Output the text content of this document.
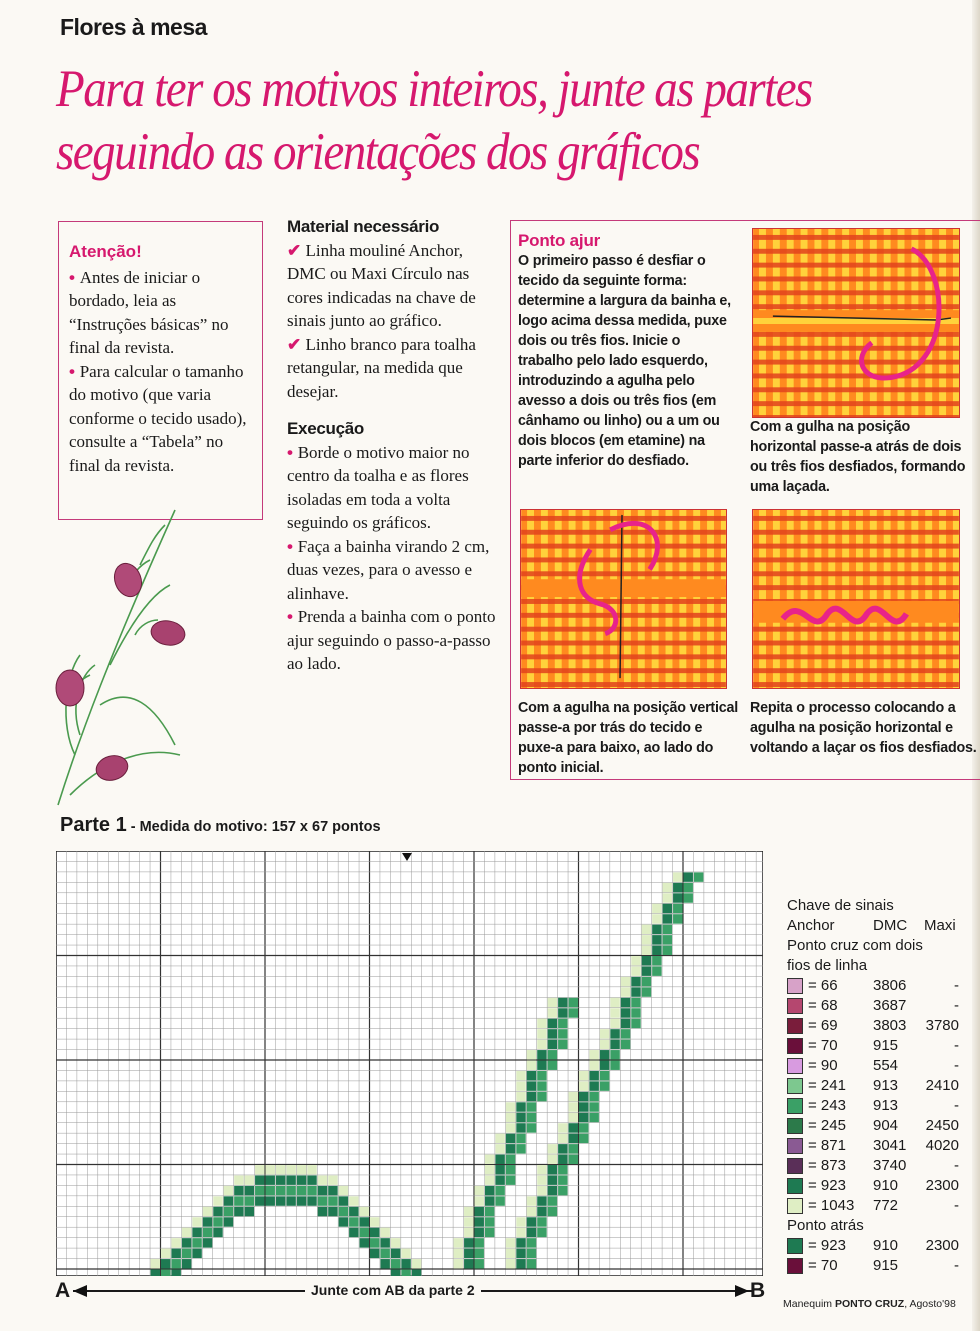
Flores à mesa
Para ter os motivos inteiros, junte as partes
seguindo as orientações dos gráficos
Atenção!
• Antes de iniciar o bordado, leia as “Instruções básicas” no final da revista.
• Para calcular o tamanho do motivo (que varia conforme o tecido usado), consulte a “Tabela” no final da revista.
Material necessário
✔ Linha mouliné Anchor, DMC ou Maxi Círculo nas cores indicadas na chave de sinais junto ao gráfico.
✔ Linho branco para toalha retangular, na medida que desejar.
Execução
• Borde o motivo maior no centro da toalha e as flores isoladas em toda a volta seguindo os gráficos.
• Faça a bainha virando 2 cm, duas vezes, para o avesso e alinhave.
• Prenda a bainha com o ponto ajur seguindo o passo-a-passo ao lado.
Ponto ajur
O primeiro passo é desfiar o tecido da seguinte forma: determine a largura da bainha e, logo acima dessa medida, puxe dois ou três fios. Inicie o trabalho pelo lado esquerdo, introduzindo a agulha pelo avesso a dois ou três fios (em cânhamo ou linho) ou a um ou dois blocos (em etamine) na parte inferior do desfiado.
Com a gulha na posição horizontal passe-a atrás de dois ou três fios desfiados, formando uma laçada.
Com a agulha na posição vertical passe-a por trás do tecido e puxe-a para baixo, ao lado do ponto inicial.
Repita o processo colocando a agulha na posição horizontal e voltando a laçar os fios desfiados.
Parte 1 - Medida do motivo: 157 x 67 pontos
Chave de sinais
Anchor	DMC Maxi
Ponto cruz com dois fios de linha
= 66 3806	-
= 68 3687	-
= 69 3803 3780
= 70 915	-
= 90 554	-
= 241 913 2410
= 243 913	-
= 245 904 2450
= 871 3041 4020
= 873 3740	-
= 923 910 2300
= 1043 772	-
Ponto atrás
= 923 910 2300
= 70 915	-
A	Junte com AB da parte 2	B
Manequim PONTO CRUZ, Agosto'98
